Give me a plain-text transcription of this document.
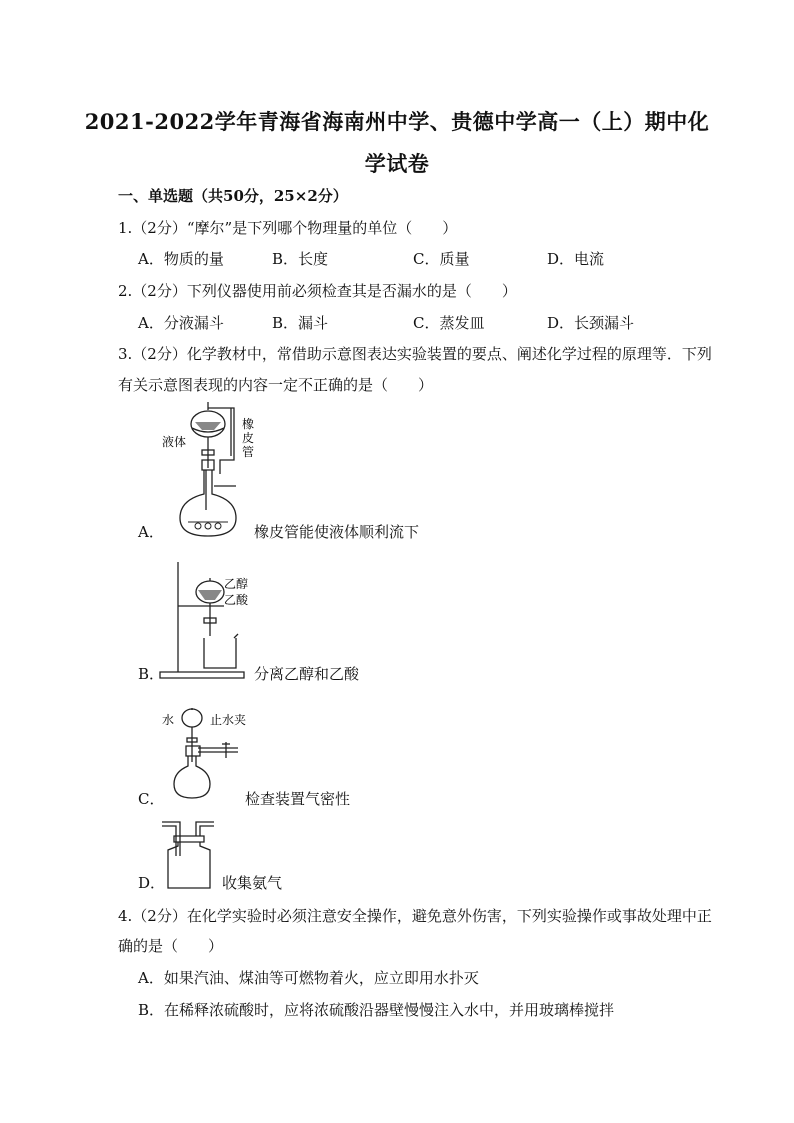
2021-2022学年青海省海南州中学、贵德中学高一（上）期中化
学试卷
一、单选题（共50分，25×2分）
1.（2分）“摩尔”是下列哪个物理量的单位（　　）
A．物质的量	B．长度	C．质量	D．电流
2.（2分）下列仪器使用前必须检查其是否漏水的是（　　）
A．分液漏斗	B．漏斗	C．蒸发皿	D．长颈漏斗
3.（2分）化学教材中，常借助示意图表达实验装置的要点、阐述化学过程的原理等．下列
有关示意图表现的内容一定不正确的是（　　）
液体
橡
皮
管
A．	橡皮管能使液体顺利流下
乙醇
乙酸
B．	分离乙醇和乙酸
水	止水夹
C．	检查装置气密性
D．	收集氨气
4.（2分）在化学实验时必须注意安全操作，避免意外伤害，下列实验操作或事故处理中正
确的是（　　）
A．如果汽油、煤油等可燃物着火，应立即用水扑灭
B．在稀释浓硫酸时，应将浓硫酸沿器壁慢慢注入水中，并用玻璃棒搅拌
